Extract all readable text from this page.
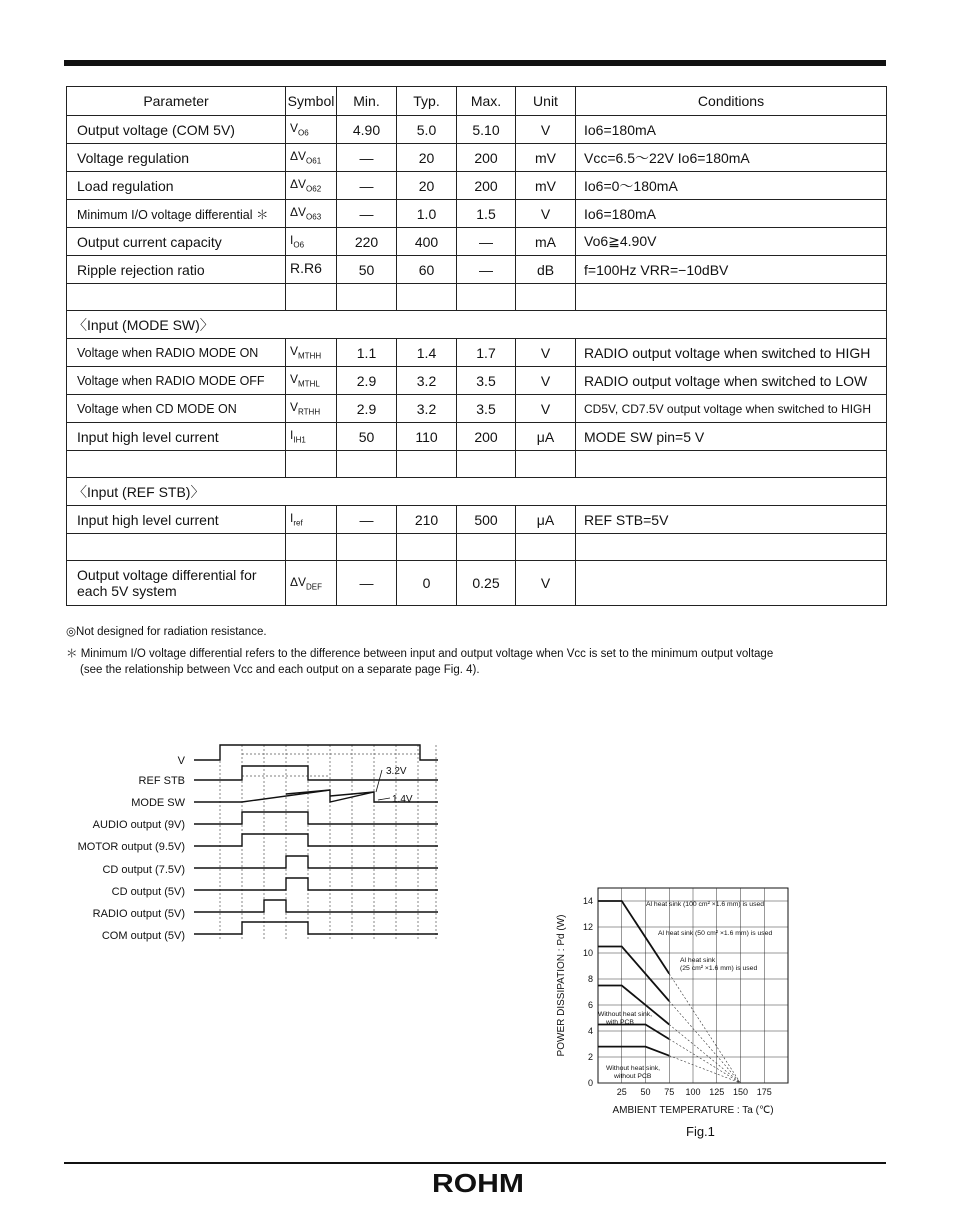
Parameter	Symbol	Min.	Typ.	Max.	Unit	Conditions
Output voltage (COM 5V)	$V_{O6}$	4.90	5.0	5.10	V	Io6=180mA
Voltage regulation	$\Delta V_{O61}$	—	20	200	mV	Vcc=6.5〜22V Io6=180mA
Load regulation	$\Delta V_{O62}$	—	20	200	mV	Io6=0〜180mA
Minimum I/O voltage differential ＊	$\Delta V_{O63}$	—	1.0	1.5	V	Io6=180mA
Output current capacity	$I_{O6}$	220	400	—	mA	Vo6≧4.90V
Ripple rejection ratio	R.R6	50	60	—	dB	f=100Hz VRR=−10dBV

〈Input (MODE SW)〉						
Voltage when RADIO MODE ON	$V_{MTHH}$	1.1	1.4	1.7	V	RADIO output voltage when switched to HIGH
Voltage when RADIO MODE OFF	$V_{MTHL}$	2.9	3.2	3.5	V	RADIO output voltage when switched to LOW
Voltage when CD MODE ON	$V_{RTHH}$	2.9	3.2	3.5	V	CD5V, CD7.5V output voltage when switched to HIGH
Input high level current	$I_{IH1}$	50	110	200	μA	MODE SW pin=5 V

〈Input (REF STB)〉						
Input high level current	$I_{ref}$	—	210	500	μA	REF STB=5V

Output voltage differential for
each 5V system	$\Delta V_{DEF}$	—	0	0.25	V	

◎Not designed for radiation resistance.

＊ Minimum I/O voltage differential refers to the difference between input and output voltage when Vcc is set to the minimum output voltage

(see the relationship between Vcc and each output on a separate page Fig. 4).

V
REF STB
MODE SW
AUDIO output (9V)
MOTOR output (9.5V)
CD output (7.5V)
CD output (5V)
RADIO output (5V)
COM output (5V)
3.2V
1.4V
0
2
4
6
8
10
12
14
25 50 75 100 125 150 175
Al heat sink (100 cm² ×1.6 mm) is used
Al heat sink (50 cm² ×1.6 mm) is used
Al heat sink
(25 cm² ×1.6 mm) is used
Without heat sink,
with PCB
Without heat sink,
without PCB
AMBIENT TEMPERATURE : Ta (℃)
POWER DISSIPATION : Pd (W)
Fig.1
ROHM
